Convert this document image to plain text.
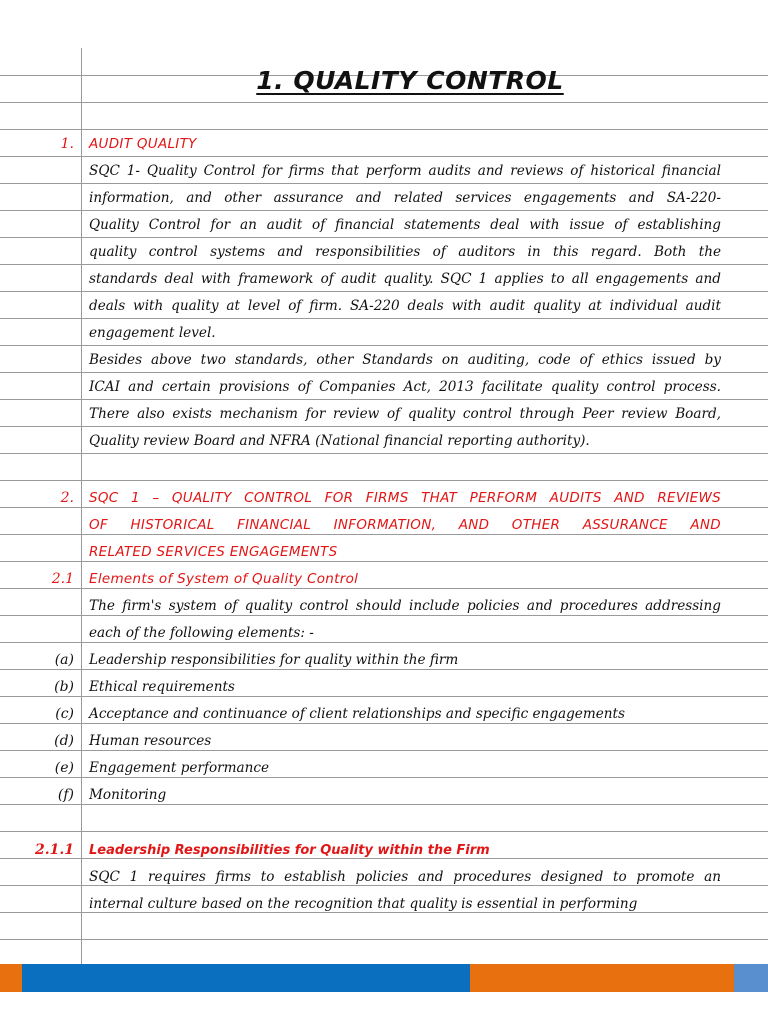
1. QUALITY CONTROL
1. AUDIT QUALITY
SQC 1- Quality Control for firms that perform audits and reviews of historical financial
information, and other assurance and related services engagements and SA-220-
Quality Control for an audit of financial statements deal with issue of establishing
quality control systems and responsibilities of auditors in this regard. Both the
standards deal with framework of audit quality. SQC 1 applies to all engagements and
deals with quality at level of firm. SA-220 deals with audit quality at individual audit
engagement level.
Besides above two standards, other Standards on auditing, code of ethics issued by
ICAI and certain provisions of Companies Act, 2013 facilitate quality control process.
There also exists mechanism for review of quality control through Peer review Board,
Quality review Board and NFRA (National financial reporting authority).
2. SQC 1 – QUALITY CONTROL FOR FIRMS THAT PERFORM AUDITS AND REVIEWS
OF HISTORICAL FINANCIAL INFORMATION, AND OTHER ASSURANCE AND
RELATED SERVICES ENGAGEMENTS
2.1 Elements of System of Quality Control
The firm's system of quality control should include policies and procedures addressing
each of the following elements: -
(a) Leadership responsibilities for quality within the firm
(b) Ethical requirements
(c) Acceptance and continuance of client relationships and specific engagements
(d) Human resources
(e) Engagement performance
(f) Monitoring
2.1.1 Leadership Responsibilities for Quality within the Firm
SQC 1 requires firms to establish policies and procedures designed to promote an
internal culture based on the recognition that quality is essential in performing
